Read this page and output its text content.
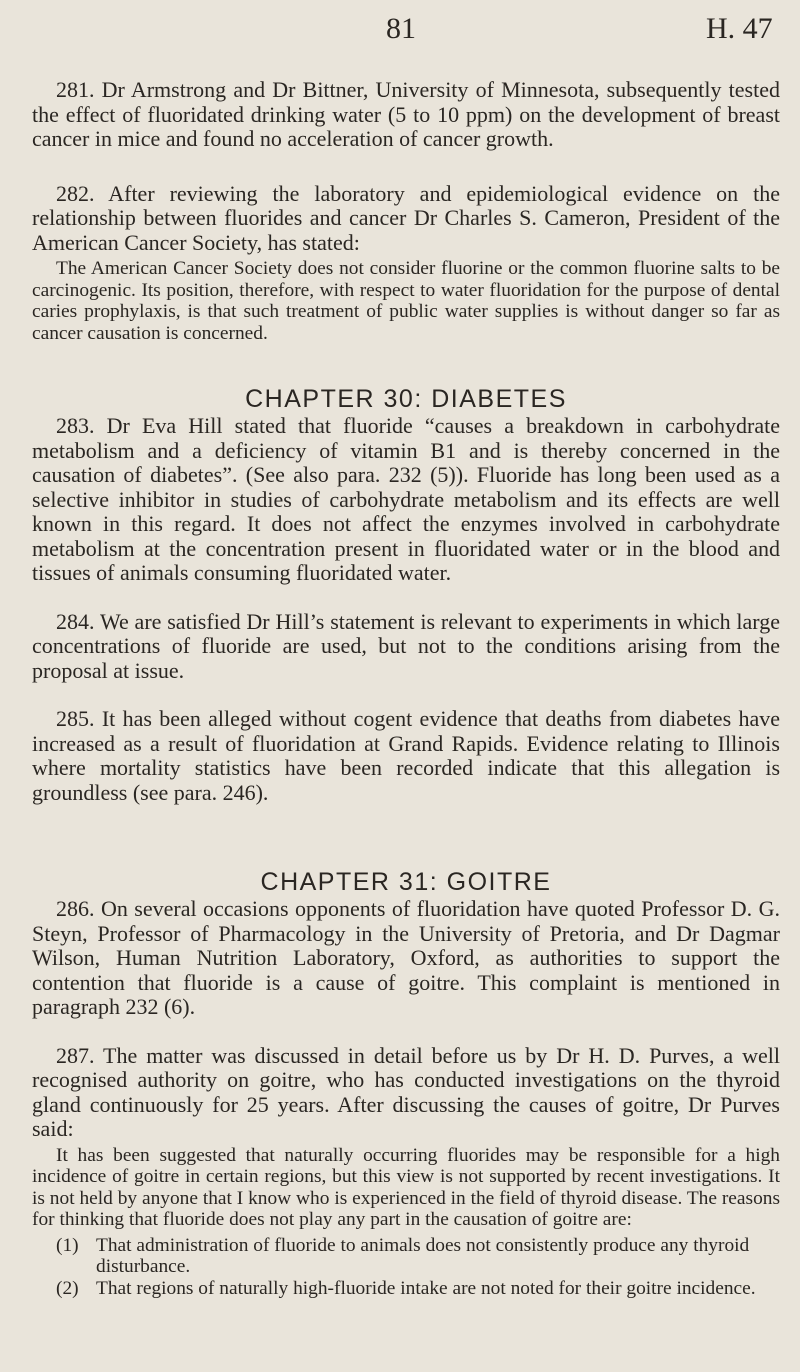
81	H. 47

281. Dr Armstrong and Dr Bittner, University of Minnesota, subsequently tested the effect of fluoridated drinking water (5 to 10 ppm) on the development of breast cancer in mice and found no acceleration of cancer growth.

282. After reviewing the laboratory and epidemiological evidence on the relationship between fluorides and cancer Dr Charles S. Cameron, President of the American Cancer Society, has stated:

The American Cancer Society does not consider fluorine or the common fluorine salts to be carcinogenic. Its position, therefore, with respect to water fluoridation for the purpose of dental caries prophylaxis, is that such treatment of public water supplies is without danger so far as cancer causation is concerned.

CHAPTER 30: DIABETES

283. Dr Eva Hill stated that fluoride “causes a breakdown in carbohydrate metabolism and a deficiency of vitamin B1 and is thereby concerned in the causation of diabetes”. (See also para. 232 (5)). Fluoride has long been used as a selective inhibitor in studies of carbohydrate metabolism and its effects are well known in this regard. It does not affect the enzymes involved in carbohydrate metabolism at the concentration present in fluoridated water or in the blood and tissues of animals consuming fluoridated water.

284. We are satisfied Dr Hill’s statement is relevant to experiments in which large concentrations of fluoride are used, but not to the conditions arising from the proposal at issue.

285. It has been alleged without cogent evidence that deaths from diabetes have increased as a result of fluoridation at Grand Rapids. Evidence relating to Illinois where mortality statistics have been recorded indicate that this allegation is groundless (see para. 246).

CHAPTER 31: GOITRE

286. On several occasions opponents of fluoridation have quoted Professor D. G. Steyn, Professor of Pharmacology in the University of Pretoria, and Dr Dagmar Wilson, Human Nutrition Laboratory, Oxford, as authorities to support the contention that fluoride is a cause of goitre. This complaint is mentioned in paragraph 232 (6).

287. The matter was discussed in detail before us by Dr H. D. Purves, a well recognised authority on goitre, who has conducted investigations on the thyroid gland continuously for 25 years. After discussing the causes of goitre, Dr Purves said:

It has been suggested that naturally occurring fluorides may be responsible for a high incidence of goitre in certain regions, but this view is not supported by recent investigations. It is not held by anyone that I know who is experienced in the field of thyroid disease. The reasons for thinking that fluoride does not play any part in the causation of goitre are:

(1) That administration of fluoride to animals does not consistently produce any thyroid disturbance.
(2) That regions of naturally high-fluoride intake are not noted for their goitre incidence.
